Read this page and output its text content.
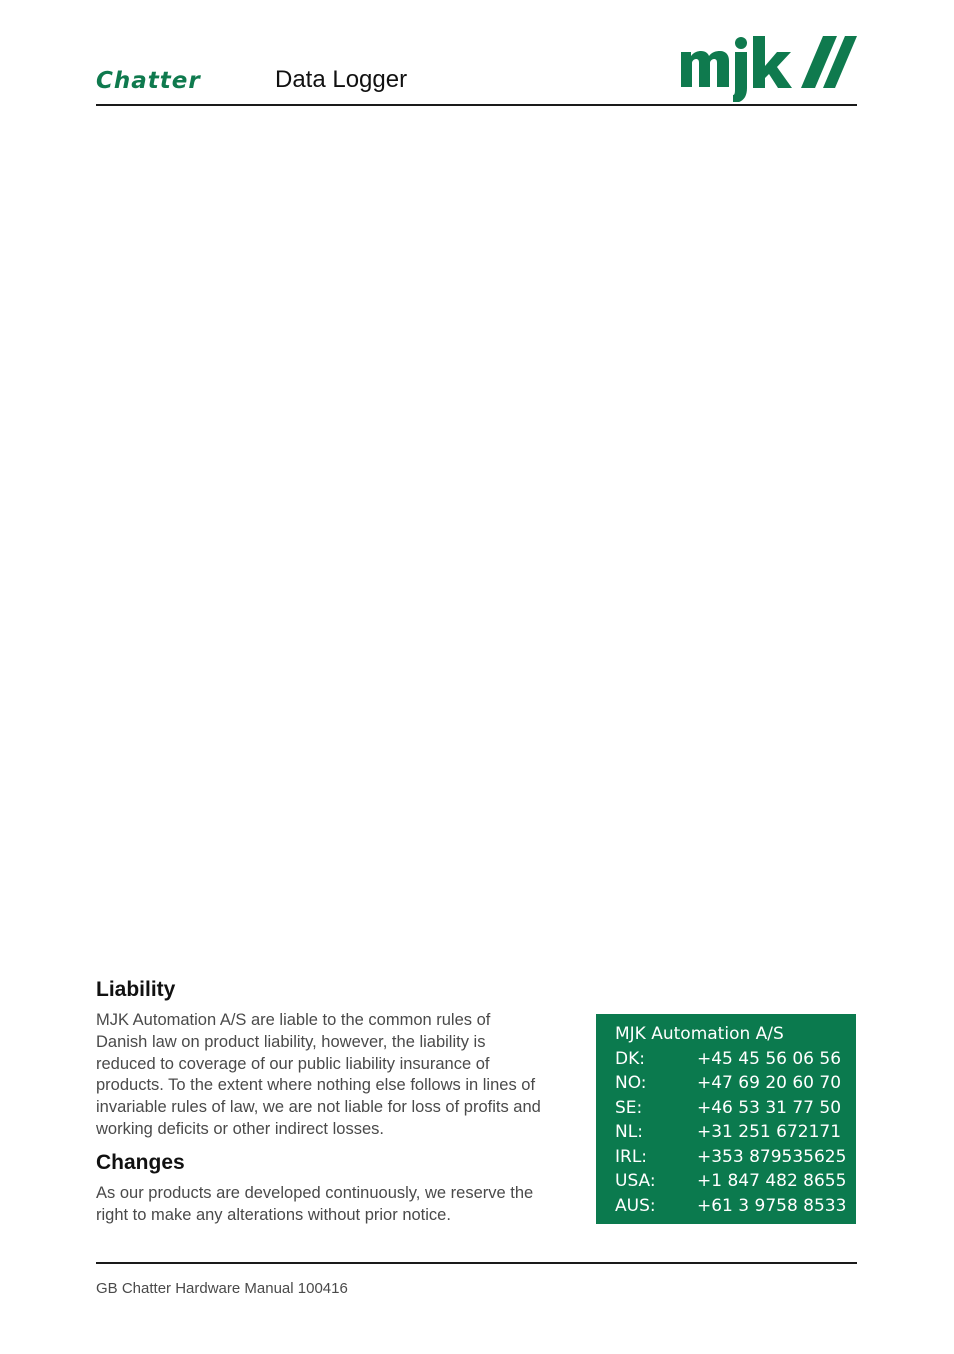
Chatter	Data Logger
Liability

MJK Automation A/S are liable to the common rules of Danish law on product liability, however, the liability is reduced to coverage of our public liability insurance of products. To the extent where nothing else follows in lines of invariable rules of law, we are not liable for loss of profits and working deficits or other indirect losses.

Changes

As our products are developed continuously, we reserve the right to make any alterations without prior notice.

MJK Automation A/S
DK:	+45 45 56 06 56
NO:	+47 69 20 60 70
SE:	+46 53 31 77 50
NL:	+31 251 672171
IRL:	+353 879535625
USA:	+1 847 482 8655
AUS:	+61 3 9758 8533
GB Chatter Hardware Manual 100416
